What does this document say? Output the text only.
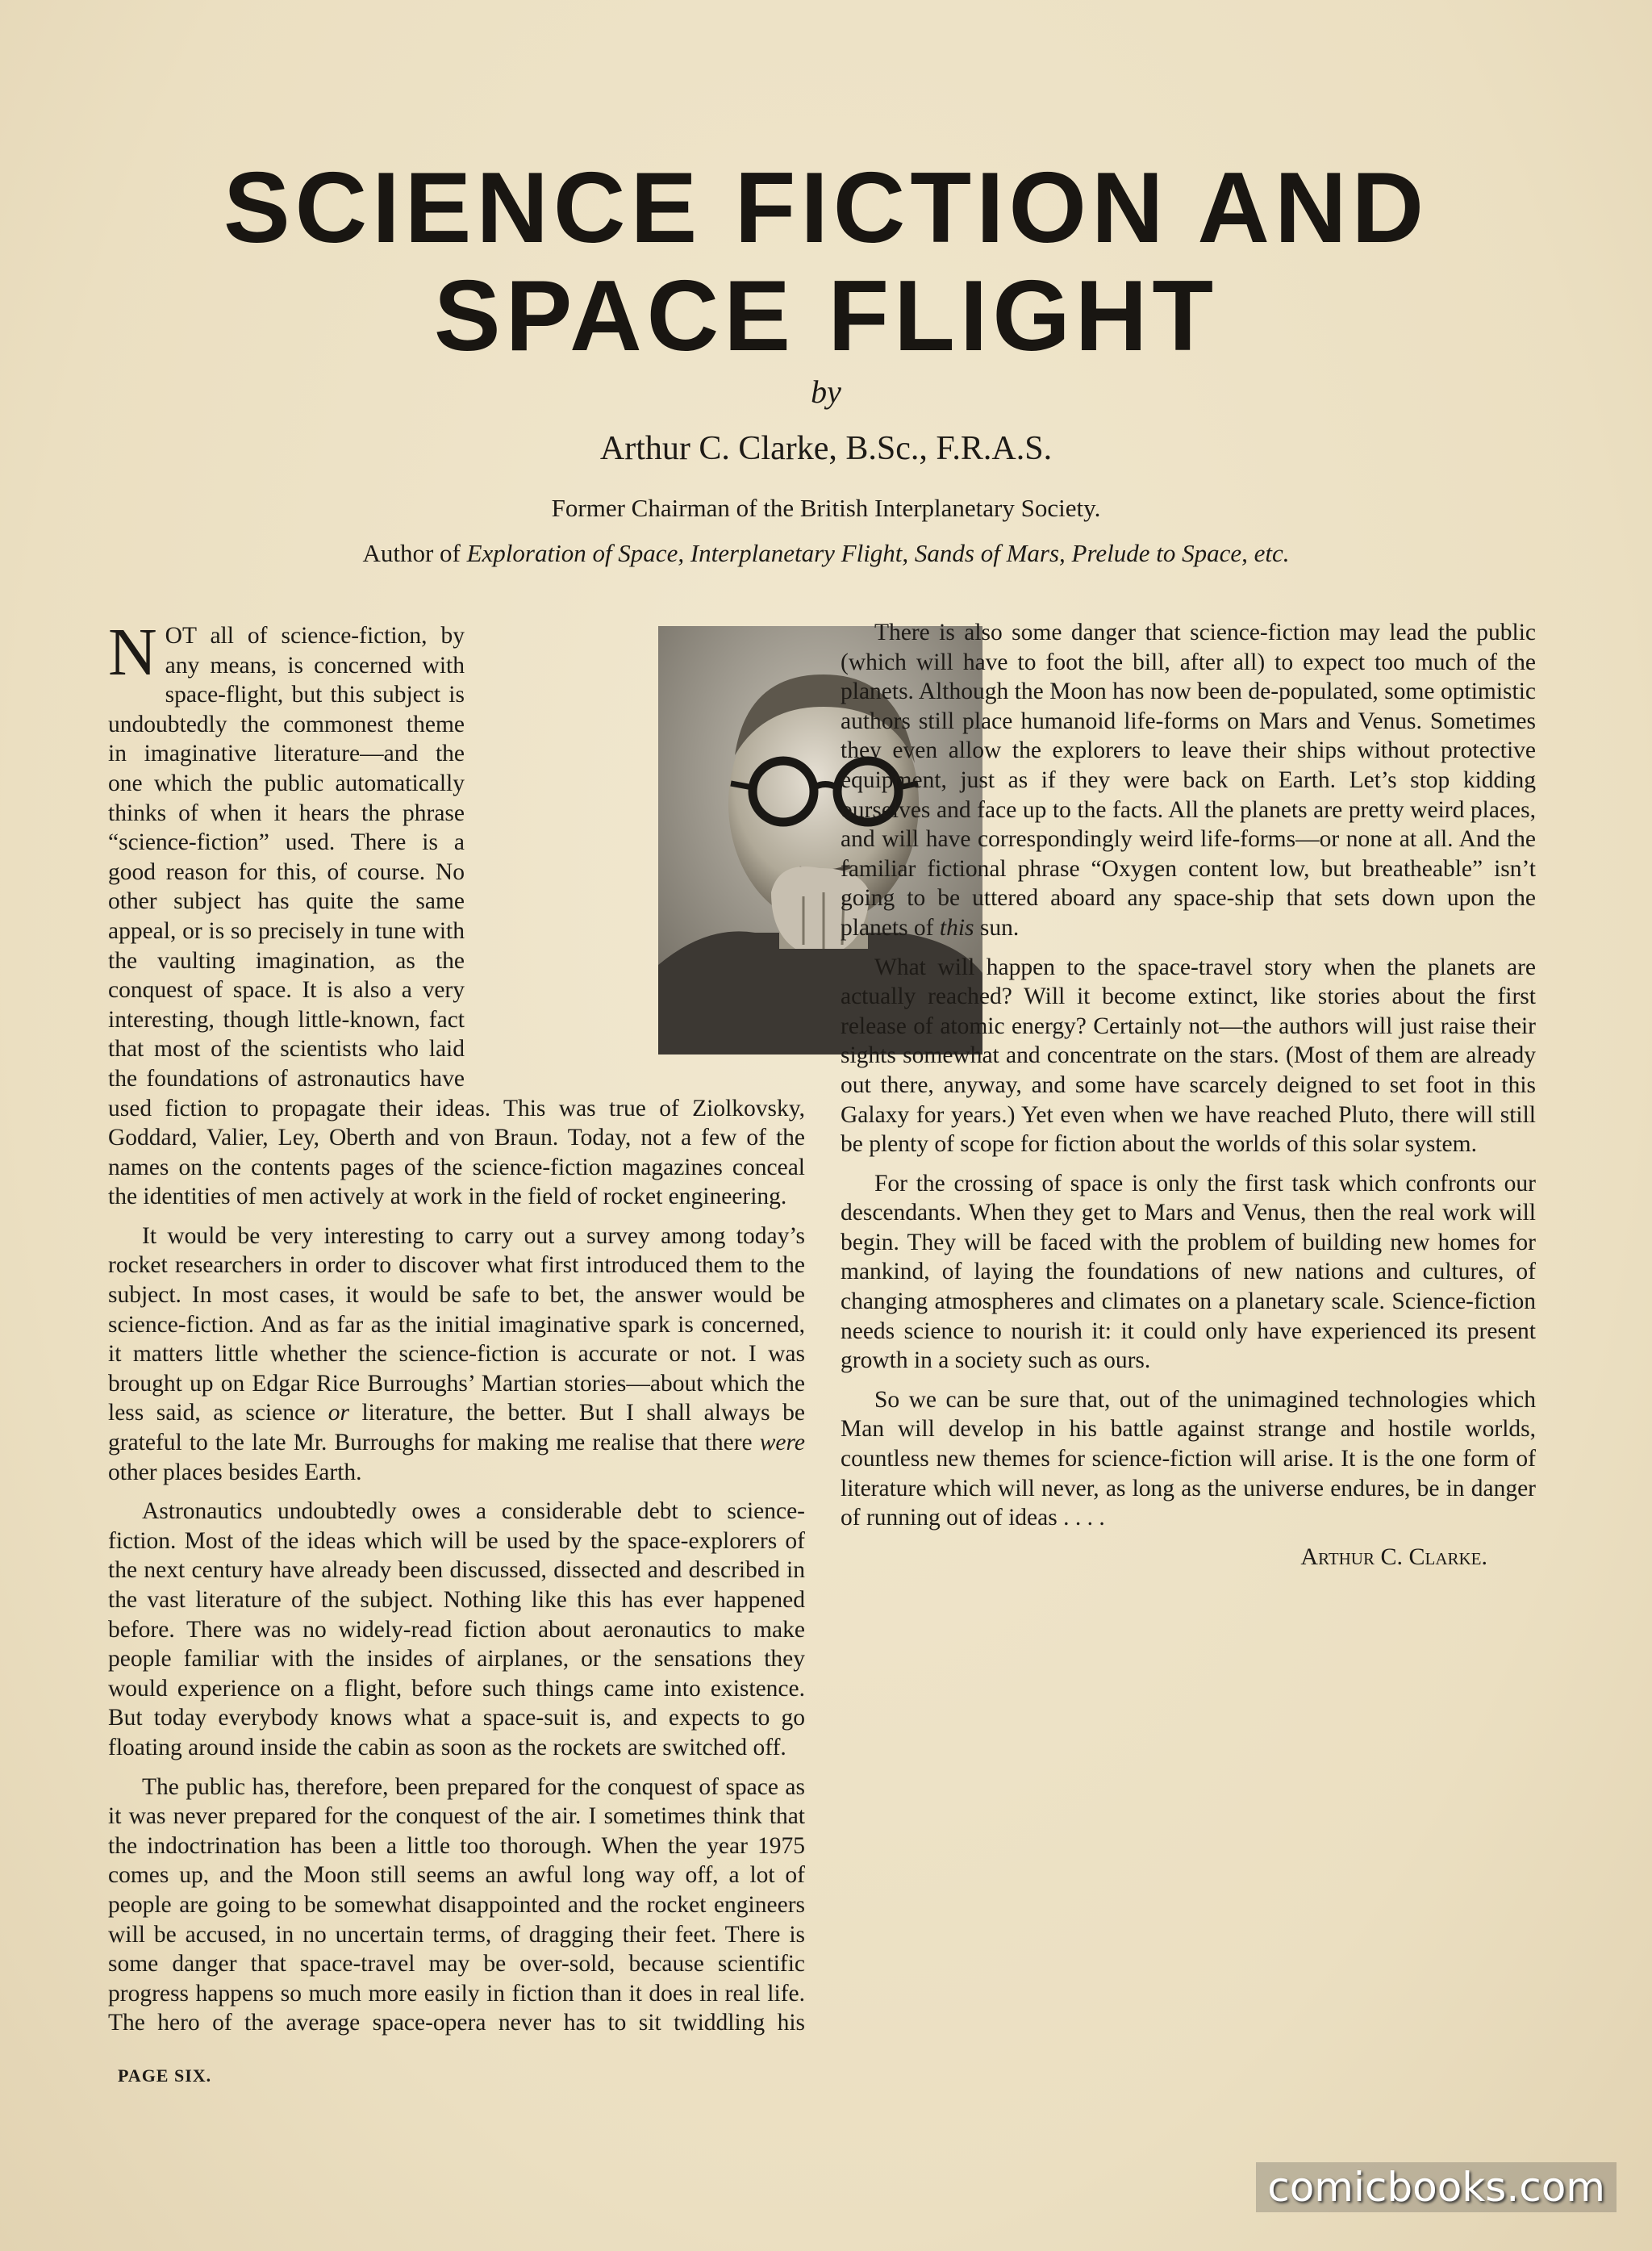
SCIENCE FICTION AND
SPACE FLIGHT
by
Arthur C. Clarke, B.Sc., F.R.A.S.
Former Chairman of the British Interplanetary Society.
Author of Exploration of Space, Interplanetary Flight, Sands of Mars, Prelude to Space, etc.

NOT all of science-fiction, by any means, is concerned with space-flight, but this subject is undoubtedly the commonest theme in imaginative literature—and the one which the public automatically thinks of when it hears the phrase “science-fiction” used. There is a good reason for this, of course. No other subject has quite the same appeal, or is so precisely in tune with the vaulting imagination, as the conquest of space. It is also a very interesting, though little-known, fact that most of the scientists who laid the foundations of astronautics have used fiction to propagate their ideas. This was true of Ziolkovsky, Goddard, Valier, Ley, Oberth and von Braun. Today, not a few of the names on the contents pages of the science-fiction magazines conceal the identities of men actively at work in the field of rocket engineering.

It would be very interesting to carry out a survey among today’s rocket researchers in order to discover what first introduced them to the subject. In most cases, it would be safe to bet, the answer would be science-fiction. And as far as the initial imaginative spark is concerned, it matters little whether the science-fiction is accurate or not. I was brought up on Edgar Rice Burroughs’ Martian stories—about which the less said, as science or literature, the better. But I shall always be grateful to the late Mr. Burroughs for making me realise that there were other places besides Earth.

Astronautics undoubtedly owes a considerable debt to science-fiction. Most of the ideas which will be used by the space-explorers of the next century have already been discussed, dissected and described in the vast literature of the subject. Nothing like this has ever happened before. There was no widely-read fiction about aeronautics to make people familiar with the insides of airplanes, or the sensations they would experience on a flight, before such things came into existence. But today everybody knows what a space-suit is, and expects to go floating around inside the cabin as soon as the rockets are switched off.

The public has, therefore, been prepared for the conquest of space as it was never prepared for the conquest of the air. I sometimes think that the indoctrination has been a little too thorough. When the year 1975 comes up, and the Moon still seems an awful long way off, a lot of people are going to be somewhat disappointed and the rocket engineers will be accused, in no uncertain terms, of dragging their feet. There is some danger that space-travel may be over-sold, because scientific progress happens so much more easily in fiction than it does in real life. The hero of the average space-opera never has to sit twiddling his

There is also some danger that science-fiction may lead the public (which will have to foot the bill, after all) to expect too much of the planets. Although the Moon has now been de-populated, some optimistic authors still place humanoid life-forms on Mars and Venus. Sometimes they even allow the explorers to leave their ships without protective equipment, just as if they were back on Earth. Let’s stop kidding ourselves and face up to the facts. All the planets are pretty weird places, and will have correspondingly weird life-forms—or none at all. And the familiar fictional phrase “Oxygen content low, but breatheable” isn’t going to be uttered aboard any space-ship that sets down upon the planets of this sun.

What will happen to the space-travel story when the planets are actually reached? Will it become extinct, like stories about the first release of atomic energy? Certainly not—the authors will just raise their sights somewhat and concentrate on the stars. (Most of them are already out there, anyway, and some have scarcely deigned to set foot in this Galaxy for years.) Yet even when we have reached Pluto, there will still be plenty of scope for fiction about the worlds of this solar system.

For the crossing of space is only the first task which confronts our descendants. When they get to Mars and Venus, then the real work will begin. They will be faced with the problem of building new homes for mankind, of laying the foundations of new nations and cultures, of changing atmospheres and climates on a planetary scale. Science-fiction needs science to nourish it: it could only have experienced its present growth in a society such as ours.

So we can be sure that, out of the unimagined technologies which Man will develop in his battle against strange and hostile worlds, countless new themes for science-fiction will arise. It is the one form of literature which will never, as long as the universe endures, be in danger of running out of ideas . . . .

Arthur C. Clarke.
PAGE SIX.
comicbooks.com
